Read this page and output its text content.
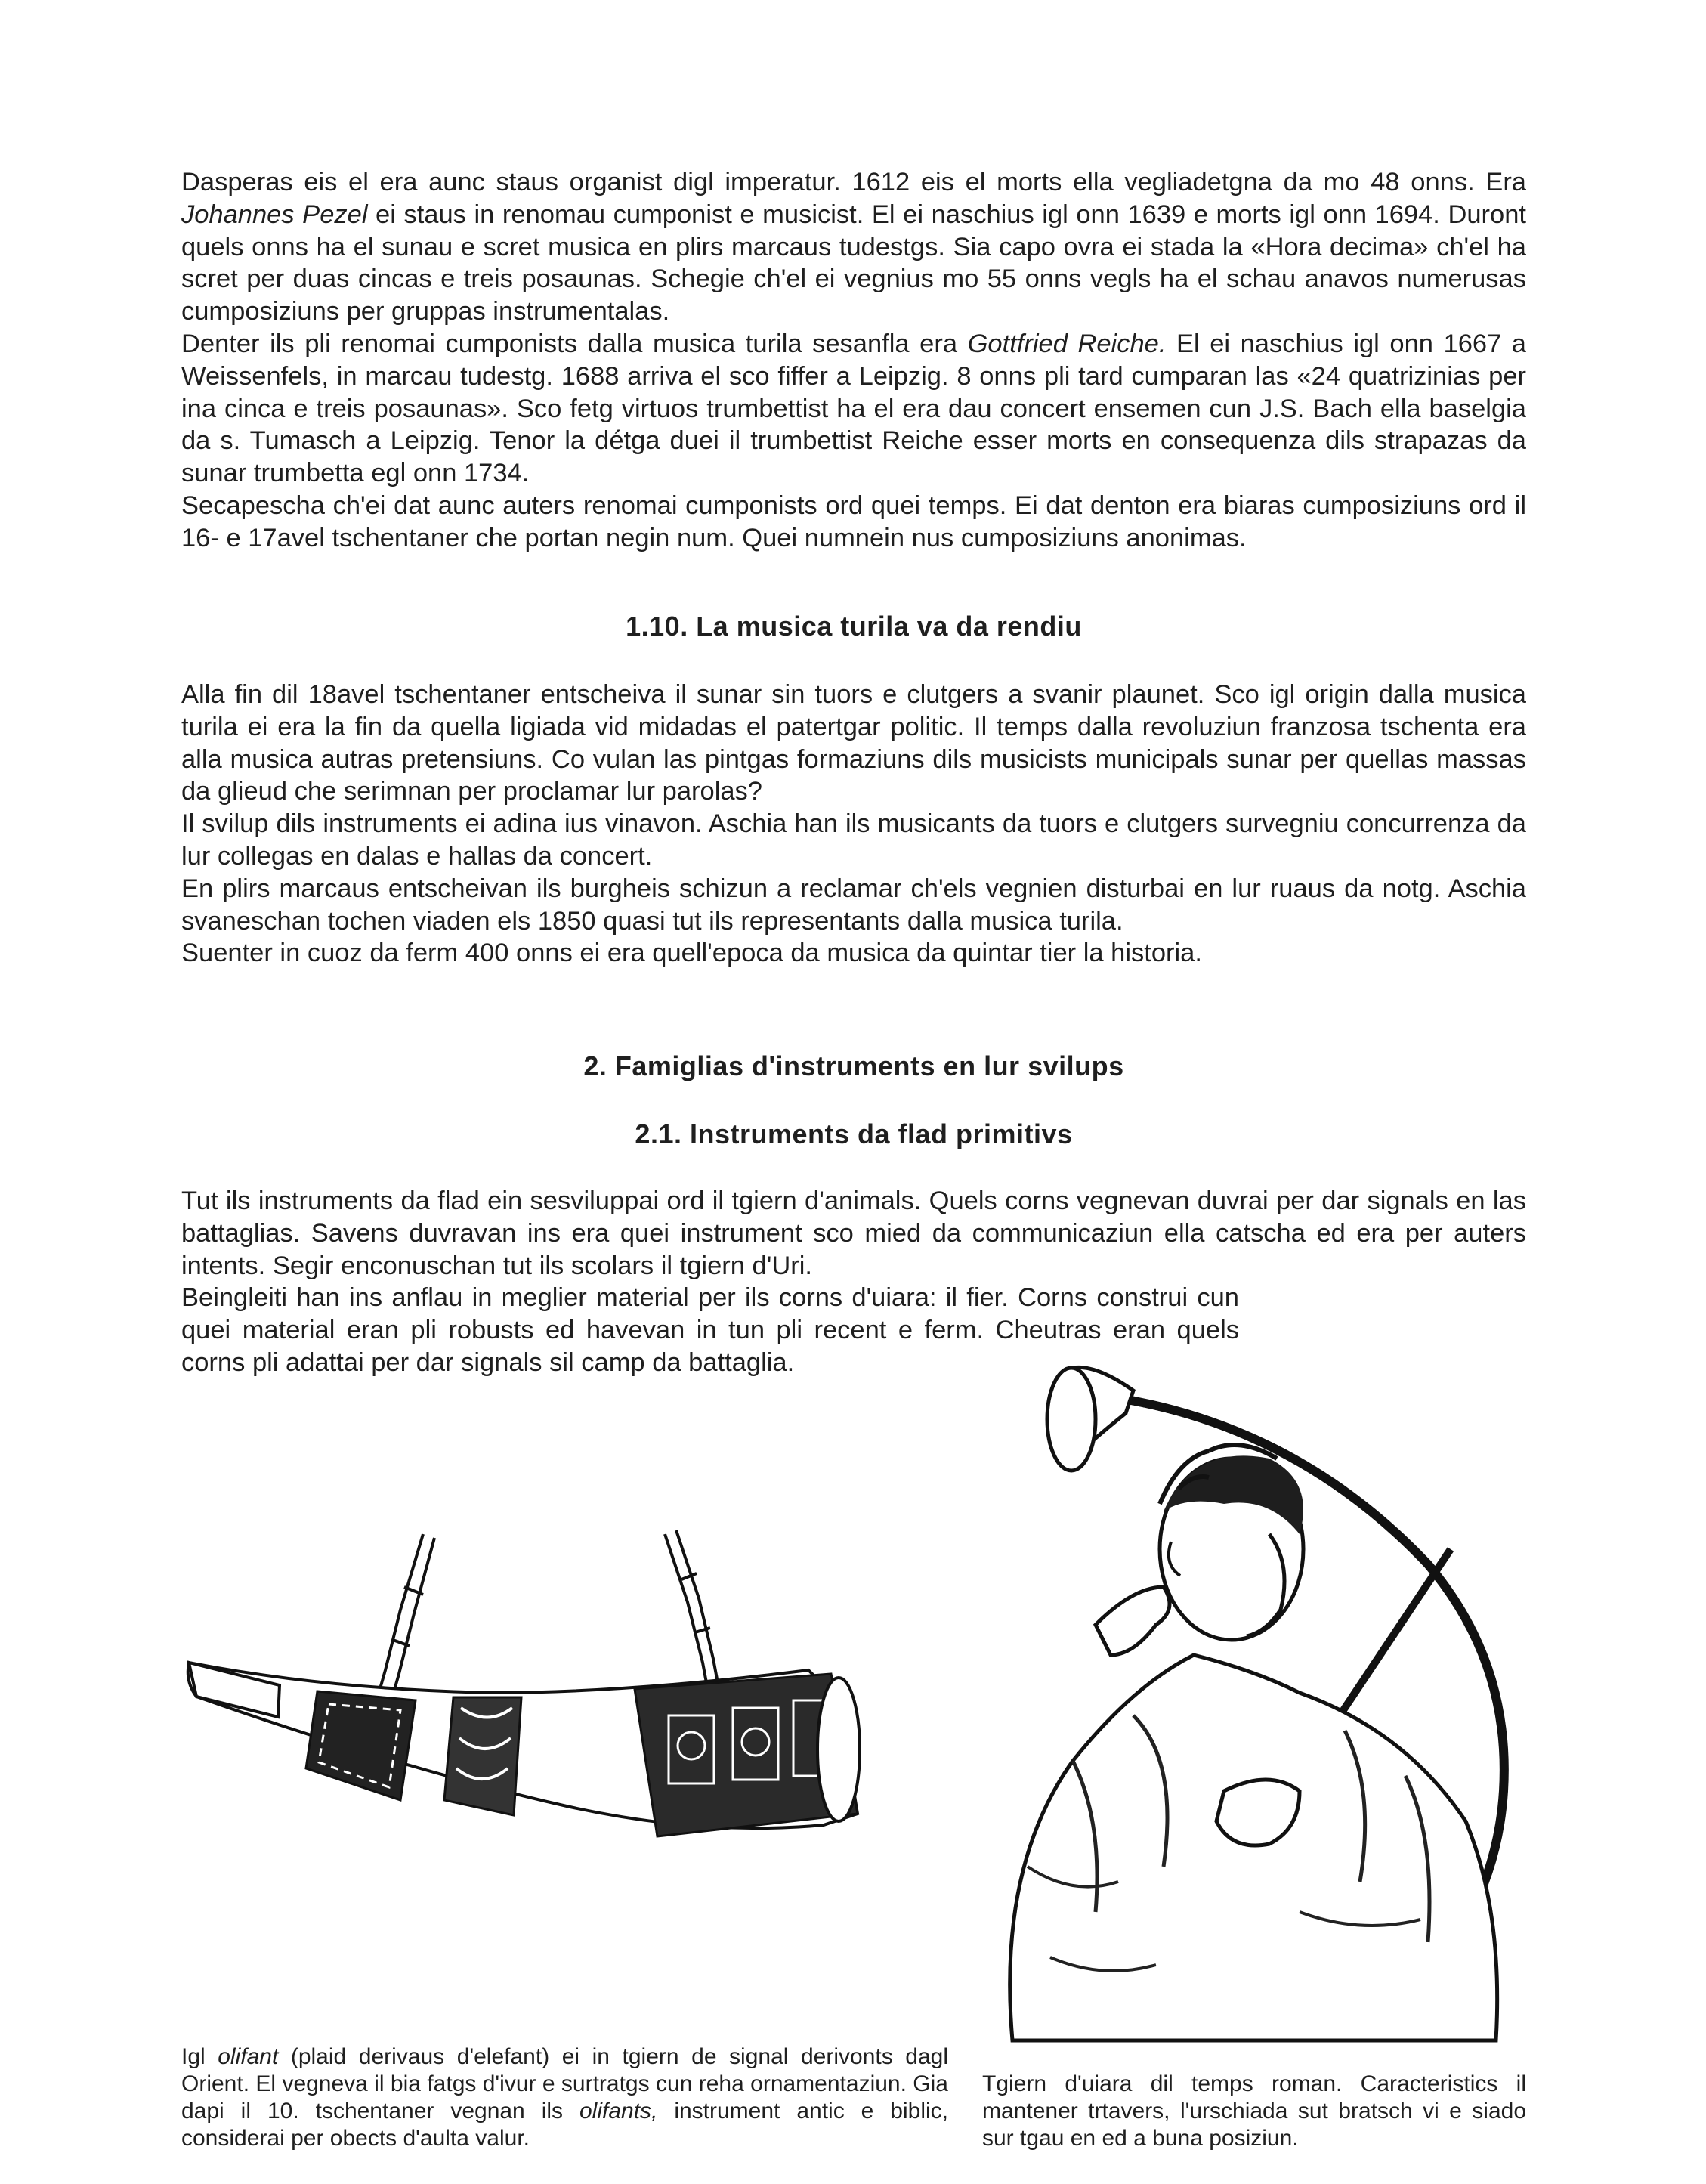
Dasperas eis el era aunc staus organist digl imperatur. 1612 eis el morts ella vegliadetgna da mo 48 onns. Era Johannes Pezel ei staus in renomau cumponist e musicist. El ei naschius igl onn 1639 e morts igl onn 1694. Duront quels onns ha el sunau e scret musica en plirs marcaus tudestgs. Sia capo ovra ei stada la «Hora decima» ch'el ha scret per duas cincas e treis posaunas. Schegie ch'el ei vegnius mo 55 onns vegls ha el schau anavos numerusas cumposiziuns per gruppas instrumentalas.

Denter ils pli renomai cumponists dalla musica turila sesanfla era Gottfried Reiche. El ei naschius igl onn 1667 a Weissenfels, in marcau tudestg. 1688 arriva el sco fiffer a Leipzig. 8 onns pli tard cumparan las «24 quatrizinias per ina cinca e treis posaunas». Sco fetg virtuos trumbettist ha el era dau concert ensemen cun J.S. Bach ella baselgia da s. Tumasch a Leipzig. Tenor la détga duei il trumbettist Reiche esser morts en consequenza dils strapazas da sunar trumbetta egl onn 1734.

Secapescha ch'ei dat aunc auters renomai cumponists ord quei temps. Ei dat denton era biaras cumposiziuns ord il 16- e 17avel tschentaner che portan negin num. Quei numnein nus cumposiziuns anonimas.

1.10. La musica turila va da rendiu

Alla fin dil 18avel tschentaner entscheiva il sunar sin tuors e clutgers a svanir plaunet. Sco igl origin dalla musica turila ei era la fin da quella ligiada vid midadas el patertgar politic. Il temps dalla revoluziun franzosa tschenta era alla musica autras pretensiuns. Co vulan las pintgas formaziuns dils musicists municipals sunar per quellas massas da glieud che serimnan per proclamar lur parolas?

Il svilup dils instruments ei adina ius vinavon. Aschia han ils musicants da tuors e clutgers survegniu concurrenza da lur collegas en dalas e hallas da concert.

En plirs marcaus entscheivan ils burgheis schizun a reclamar ch'els vegnien disturbai en lur ruaus da notg. Aschia svaneschan tochen viaden els 1850 quasi tut ils representants dalla musica turila.

Suenter in cuoz da ferm 400 onns ei era quell'epoca da musica da quintar tier la historia.

2. Famiglias d'instruments en lur svilups
2.1. Instruments da flad primitivs

Tut ils instruments da flad ein sesviluppai ord il tgiern d'animals. Quels corns vegnevan duvrai per dar signals en las battaglias. Savens duvravan ins era quei instrument sco mied da communicaziun ella catscha ed era per auters intents. Segir enconuschan tut ils scolars il tgiern d'Uri.

Beingleiti han ins anflau in meglier material per ils corns d'uiara: il fier. Corns construi cun quei material eran pli robusts ed havevan in tun pli recent e ferm. Cheutras eran quels corns pli adattai per dar signals sil camp da battaglia.

Igl olifant (plaid derivaus d'elefant) ei in tgiern de signal derivonts dagl Orient. El vegneva il bia fatgs d'ivur e surtratgs cun reha ornamentaziun. Gia dapi il 10. tschentaner vegnan ils olifants, instrument antic e biblic, considerai per obects d'aulta valur.

Tgiern d'uiara dil temps roman. Caracteristics il mantener trtavers, l'urschiada sut bratsch vi e siado sur tgau en ed a buna posiziun.
